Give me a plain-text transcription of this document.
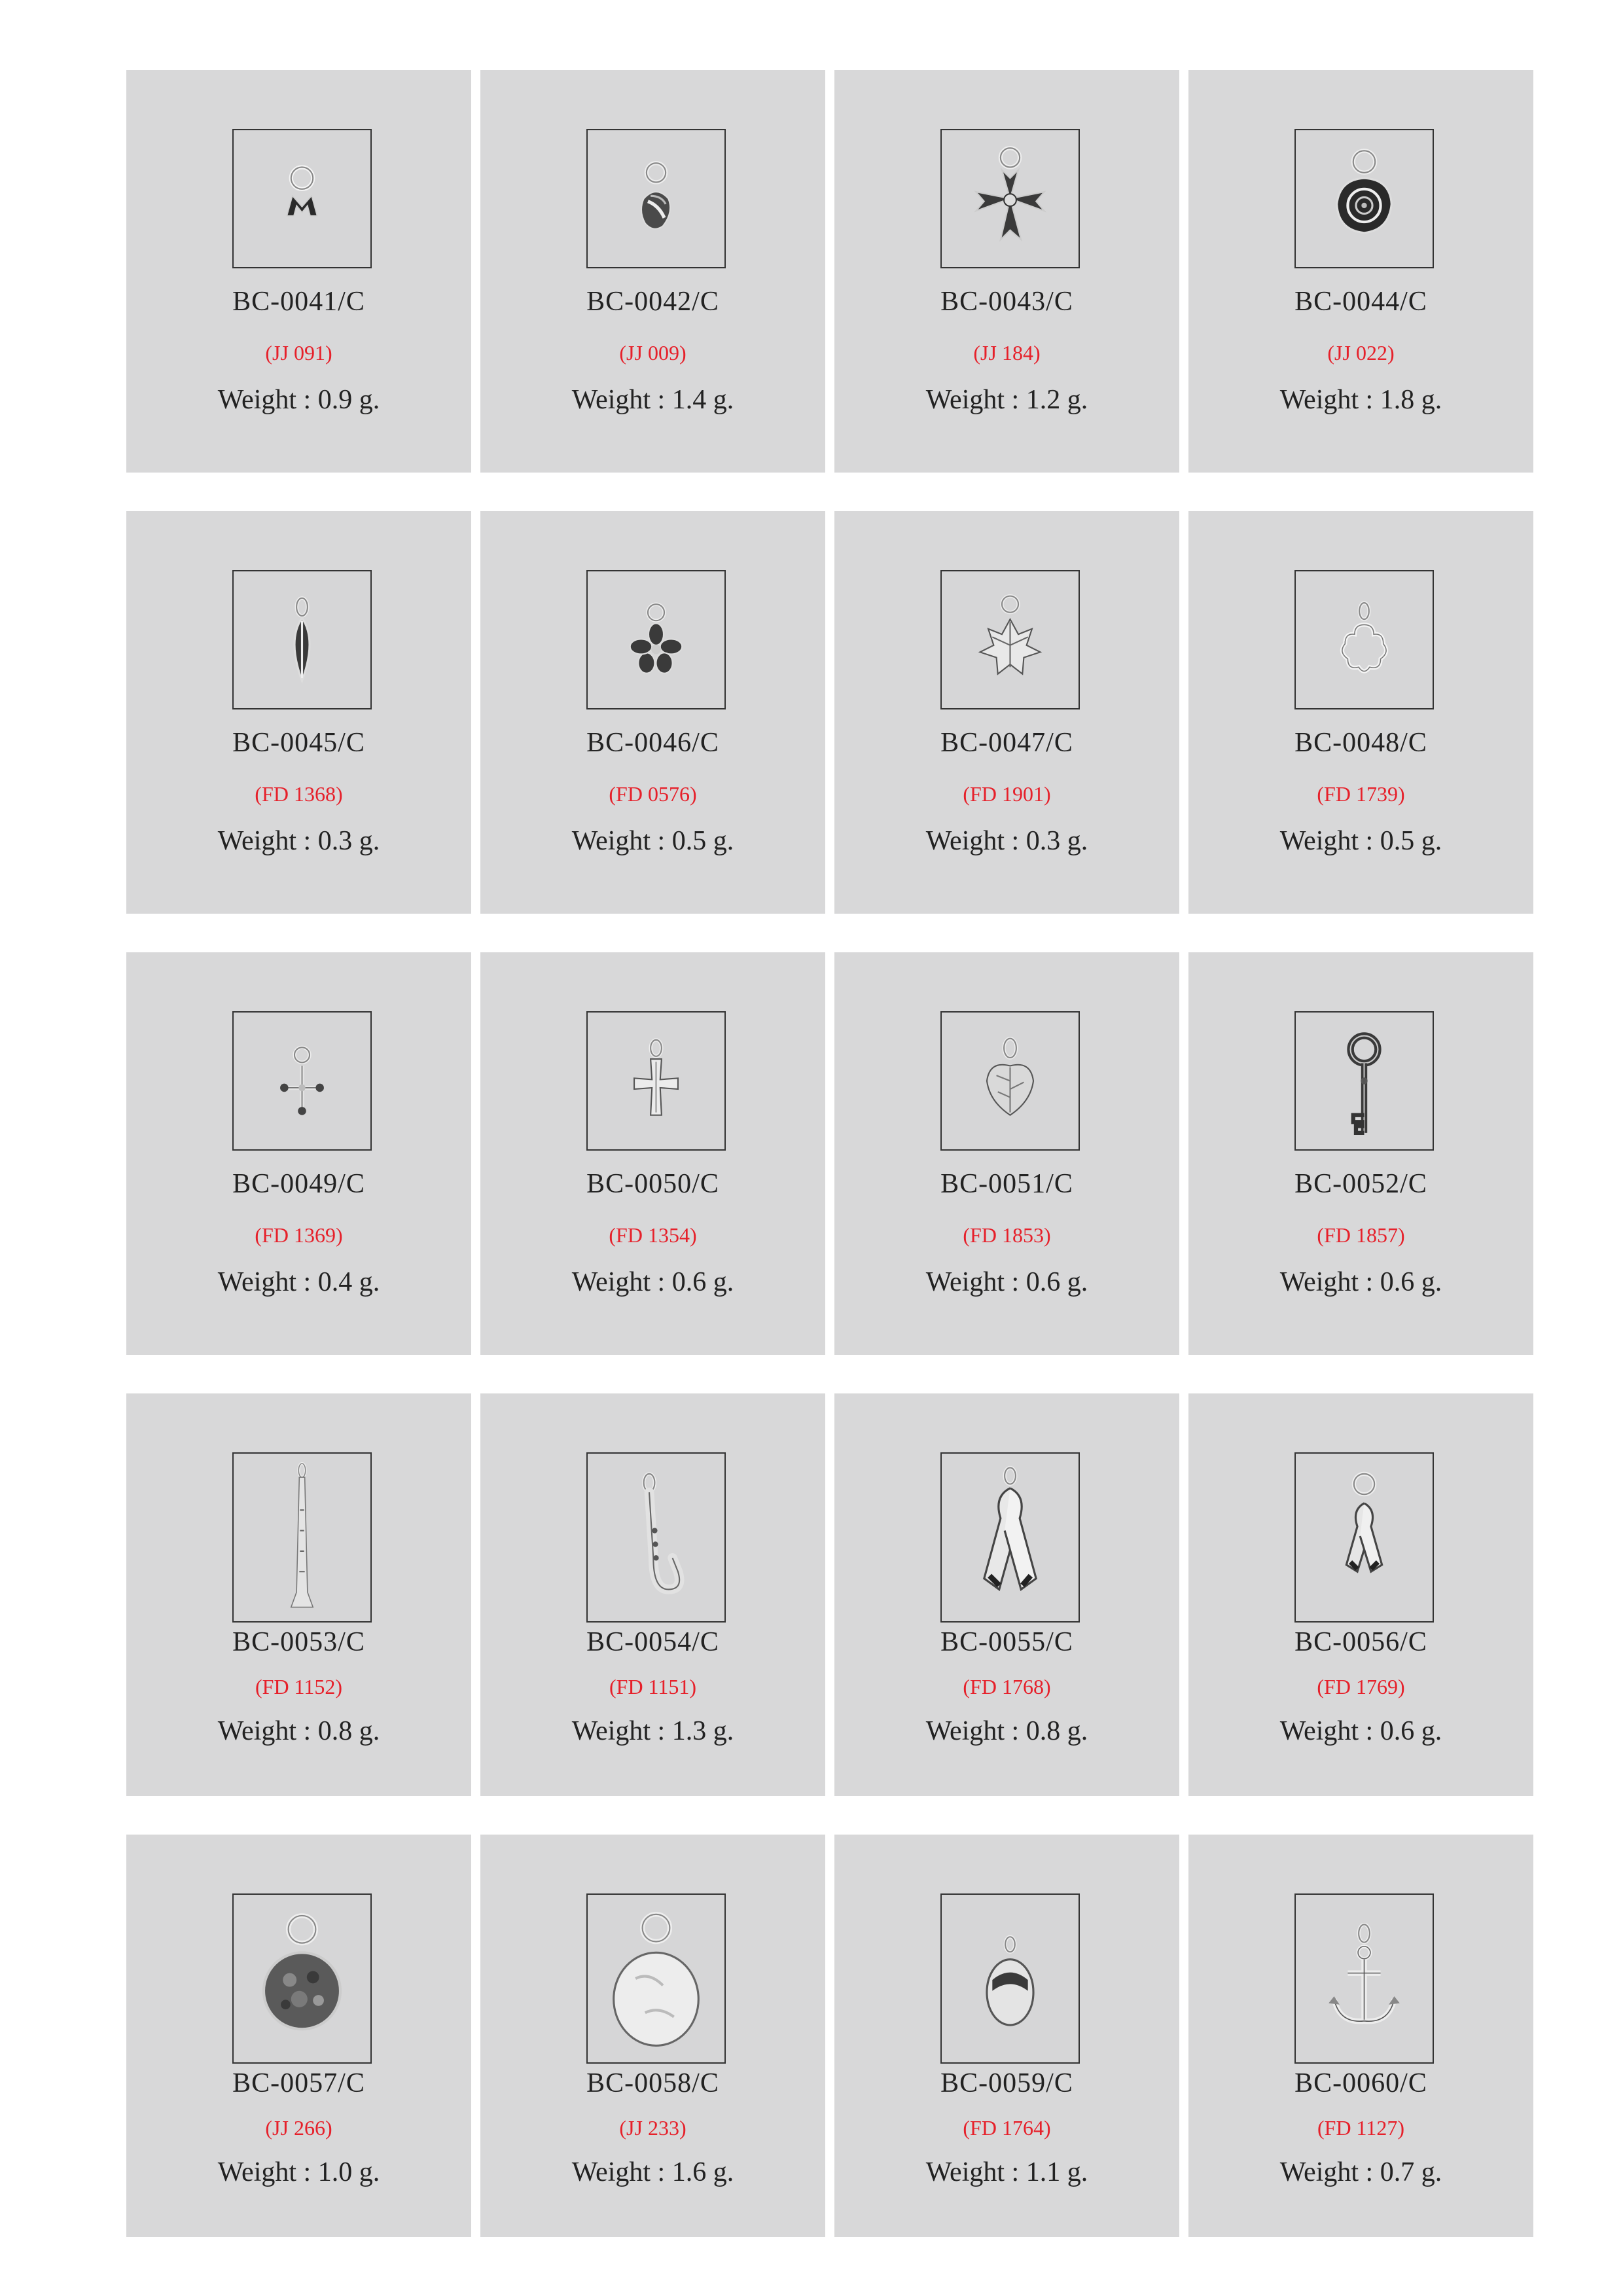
BC-0041/C
(JJ 091)
Weight : 0.9 g.
BC-0042/C
(JJ 009)
Weight : 1.4 g.
BC-0043/C
(JJ 184)
Weight : 1.2 g.
BC-0044/C
(JJ 022)
Weight : 1.8 g.
BC-0045/C
(FD 1368)
Weight : 0.3 g.
BC-0046/C
(FD 0576)
Weight : 0.5 g.
BC-0047/C
(FD 1901)
Weight : 0.3 g.
BC-0048/C
(FD 1739)
Weight : 0.5 g.
BC-0049/C
(FD 1369)
Weight : 0.4 g.
BC-0050/C
(FD 1354)
Weight : 0.6 g.
BC-0051/C
(FD 1853)
Weight : 0.6 g.
BC-0052/C
(FD 1857)
Weight : 0.6 g.
BC-0053/C
(FD 1152)
Weight : 0.8 g.
BC-0054/C
(FD 1151)
Weight : 1.3 g.
BC-0055/C
(FD 1768)
Weight : 0.8 g.
BC-0056/C
(FD 1769)
Weight : 0.6 g.
BC-0057/C
(JJ 266)
Weight : 1.0 g.
BC-0058/C
(JJ 233)
Weight : 1.6 g.
BC-0059/C
(FD 1764)
Weight : 1.1 g.
BC-0060/C
(FD 1127)
Weight : 0.7 g.
